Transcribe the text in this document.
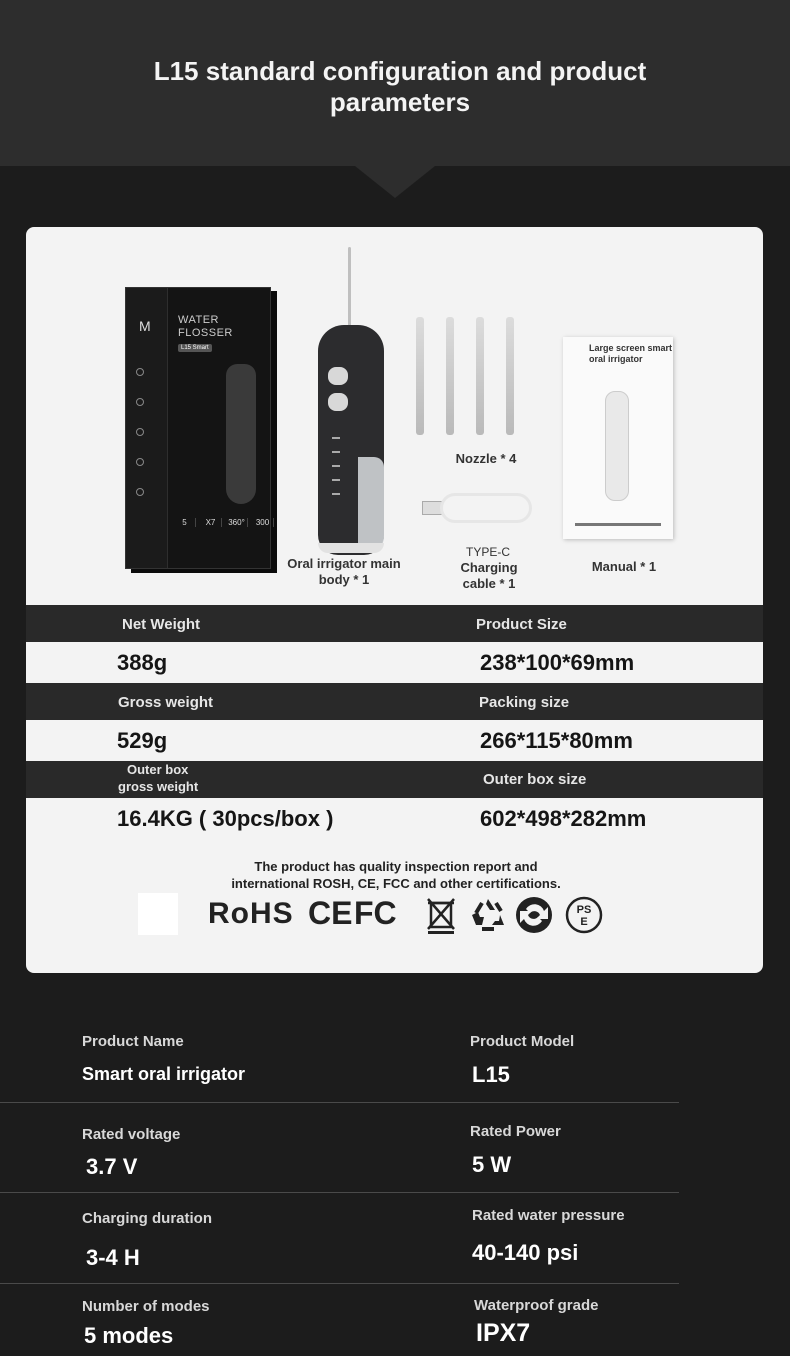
L15 standard configuration and product parameters
M WATER FLOSSER
L15 Smart
5	X7	360°	300
Oral irrigator main body * 1
Nozzle * 4
TYPE-C
Charging cable * 1
Large screen smart oral irrigator
Manual * 1
Net Weight	Product Size
388g	238*100*69mm
Gross weight	Packing size
529g	266*115*80mm
Outer box
gross weight	Outer box size
16.4KG ( 30pcs/box )	602*498*282mm
The product has quality inspection report and
international ROSH, CE, FCC and other certifications.
RoHS CE FC	PS
E
Product Name	Product Model
Smart oral irrigator	L15
Rated voltage	Rated Power
3.7 V	5 W
Charging duration	Rated water pressure
3-4 H	40-140 psi
Number of modes	Waterproof grade
5 modes	IPX7
